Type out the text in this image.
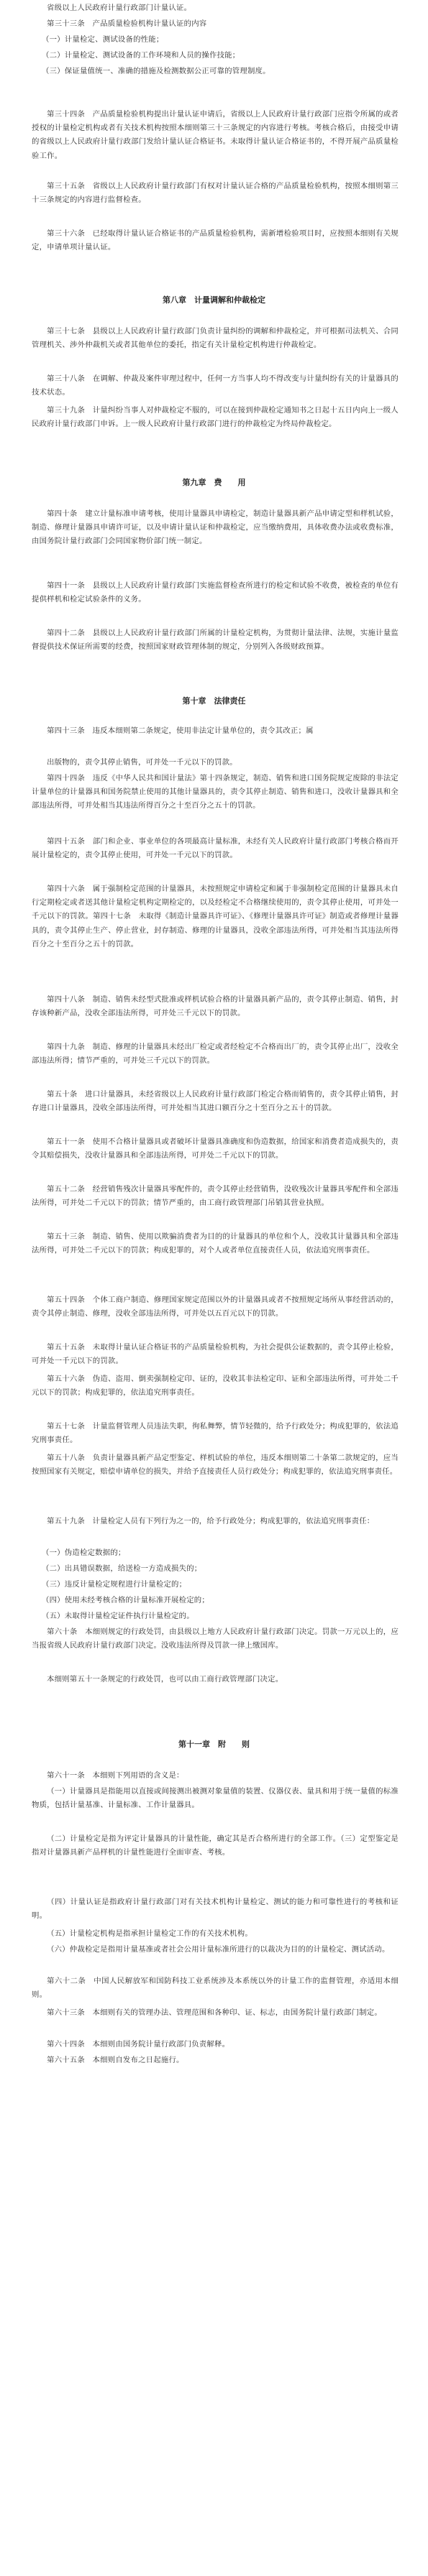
省级以上人民政府计量行政部门计量认证。

第三十三条　产品质量检验机构计量认证的内容

（一）计量检定、测试设备的性能；

（二）计量检定、测试设备的工作环境和人员的操作技能；

（三）保证量值统一、准确的措施及检测数据公正可靠的管理制度。

第三十四条　产品质量检验机构提出计量认证申请后，省级以上人民政府计量行政部门应指令所属的或者授权的计量检定机构或者有关技术机构按照本细则第三十三条规定的内容进行考核。考核合格后，由接受申请的省级以上人民政府计量行政部门发给计量认证合格证书。未取得计量认证合格证书的，不得开展产品质量检验工作。

第三十五条　省级以上人民政府计量行政部门有权对计量认证合格的产品质量检验机构，按照本细则第三十三条规定的内容进行监督检查。

第三十六条　已经取得计量认证合格证书的产品质量检验机构，需新增检验项目时，应按照本细则有关规定，申请单项计量认证。

第八章　计量调解和仲裁检定

第三十七条　县级以上人民政府计量行政部门负责计量纠纷的调解和仲裁检定，并可根据司法机关、合同管理机关、涉外仲裁机关或者其他单位的委托，指定有关计量检定机构进行仲裁检定。

第三十八条　在调解、仲裁及案件审理过程中，任何一方当事人均不得改变与计量纠纷有关的计量器具的技术状态。

第三十九条　计量纠纷当事人对仲裁检定不服的，可以在接到仲裁检定通知书之日起十五日内向上一级人民政府计量行政部门申诉。上一级人民政府计量行政部门进行的仲裁检定为终局仲裁检定。

第九章　费　　用

第四十条　建立计量标准申请考核，使用计量器具申请检定，制造计量器具新产品申请定型和样机试验，制造、修理计量器具申请许可证，以及申请计量认证和仲裁检定，应当缴纳费用，具体收费办法或收费标准，由国务院计量行政部门会同国家物价部门统一制定。

第四十一条　县级以上人民政府计量行政部门实施监督检查所进行的检定和试验不收费，被检查的单位有提供样机和检定试验条件的义务。

第四十二条　县级以上人民政府计量行政部门所属的计量检定机构，为贯彻计量法律、法规，实施计量监督提供技术保证所需要的经费，按照国家财政管理体制的规定，分别列入各级财政预算。

第十章　法律责任

第四十三条　违反本细则第二条规定，使用非法定计量单位的，责令其改正；属

出版物的，责令其停止销售，可并处一千元以下的罚款。

第四十四条　违反《中华人民共和国计量法》第十四条规定，制造、销售和进口国务院规定废除的非法定计量单位的计量器具和国务院禁止使用的其他计量器具的，责令其停止制造、销售和进口，没收计量器具和全部违法所得，可并处相当其违法所得百分之十至百分之五十的罚款。

第四十五条　部门和企业、事业单位的各项最高计量标准，未经有关人民政府计量行政部门考核合格而开展计量检定的，责令其停止使用，可并处一千元以下的罚款。

第四十六条　属于强制检定范围的计量器具，未按照规定申请检定和属于非强制检定范围的计量器具未自行定期检定或者送其他计量检定机构定期检定的，以及经检定不合格继续使用的，责令其停止使用，可并处一千元以下的罚款。第四十七条　未取得《制造计量器具许可证》、《修理计量器具许可证》制造或者修理计量器具的，责令其停止生产、停止营业，封存制造、修理的计量器具，没收全部违法所得，可并处相当其违法所得百分之十至百分之五十的罚款。

第四十八条　制造、销售未经型式批准或样机试验合格的计量器具新产品的，责令其停止制造、销售，封存该种新产品，没收全部违法所得，可并处三千元以下的罚款。

第四十九条　制造、修理的计量器具未经出厂检定或者经检定不合格而出厂的，责令其停止出厂，没收全部违法所得；情节严重的，可并处三千元以下的罚款。

第五十条　进口计量器具，未经省级以上人民政府计量行政部门检定合格而销售的，责令其停止销售，封存进口计量器具，没收全部违法所得，可并处相当其进口额百分之十至百分之五十的罚款。

第五十一条　使用不合格计量器具或者破坏计量器具准确度和伪造数据，给国家和消费者造成损失的，责令其赔偿损失，没收计量器具和全部违法所得，可并处二千元以下的罚款。

第五十二条　经营销售残次计量器具零配件的，责令其停止经营销售，没收残次计量器具零配件和全部违法所得，可并处二千元以下的罚款；情节严重的，由工商行政管理部门吊销其营业执照。

第五十三条　制造、销售、使用以欺骗消费者为目的的计量器具的单位和个人，没收其计量器具和全部违法所得，可并处二千元以下的罚款；构成犯罪的，对个人或者单位直接责任人员，依法追究刑事责任。

第五十四条　个体工商户制造、修理国家规定范围以外的计量器具或者不按照规定场所从事经营活动的，责令其停止制造、修理，没收全部违法所得，可并处以五百元以下的罚款。

第五十五条　未取得计量认证合格证书的产品质量检验机构，为社会提供公证数据的，责令其停止检验，可并处一千元以下的罚款。

第五十六条　伪造、盗用、倒卖强制检定印、证的，没收其非法检定印、证和全部违法所得，可并处二千元以下的罚款；构成犯罪的，依法追究刑事责任。

第五十七条　计量监督管理人员违法失职，徇私舞弊，情节轻微的，给予行政处分；构成犯罪的，依法追究刑事责任。

第五十八条　负责计量器具新产品定型鉴定、样机试验的单位，违反本细则第二十条第二款规定的，应当按照国家有关规定，赔偿申请单位的损失，并给予直接责任人员行政处分；构成犯罪的，依法追究刑事责任。

第五十九条　计量检定人员有下列行为之一的，给予行政处分；构成犯罪的，依法追究刑事责任：

（一）伪造检定数据的；

（二）出具错误数据，给送检一方造成损失的；

（三）违反计量检定规程进行计量检定的；

（四）使用未经考核合格的计量标准开展检定的；

（五）未取得计量检定证件执行计量检定的。

第六十条　本细则规定的行政处罚，由县级以上地方人民政府计量行政部门决定。罚款一万元以上的，应当报省级人民政府计量行政部门决定。没收违法所得及罚款一律上缴国库。

本细则第五十一条规定的行政处罚，也可以由工商行政管理部门决定。

第十一章　附　　则

第六十一条　本细则下列用语的含义是：

（一）计量器具是指能用以直接或间接测出被测对象量值的装置、仪器仪表、量具和用于统一量值的标准物质，包括计量基准、计量标准、工作计量器具。

（二）计量检定是指为评定计量器具的计量性能，确定其是否合格所进行的全部工作。（三）定型鉴定是指对计量器具新产品样机的计量性能进行全面审查、考核。

（四）计量认证是指政府计量行政部门对有关技术机构计量检定、测试的能力和可靠性进行的考核和证明。

（五）计量检定机构是指承担计量检定工作的有关技术机构。

（六）仲裁检定是指用计量基准或者社会公用计量标准所进行的以裁决为目的的计量检定、测试活动。

第六十二条　中国人民解放军和国防科技工业系统涉及本系统以外的计量工作的监督管理，亦适用本细则。

第六十三条　本细则有关的管理办法、管理范围和各种印、证、标志，由国务院计量行政部门制定。

第六十四条　本细则由国务院计量行政部门负责解释。

第六十五条　本细则自发布之日起施行。
